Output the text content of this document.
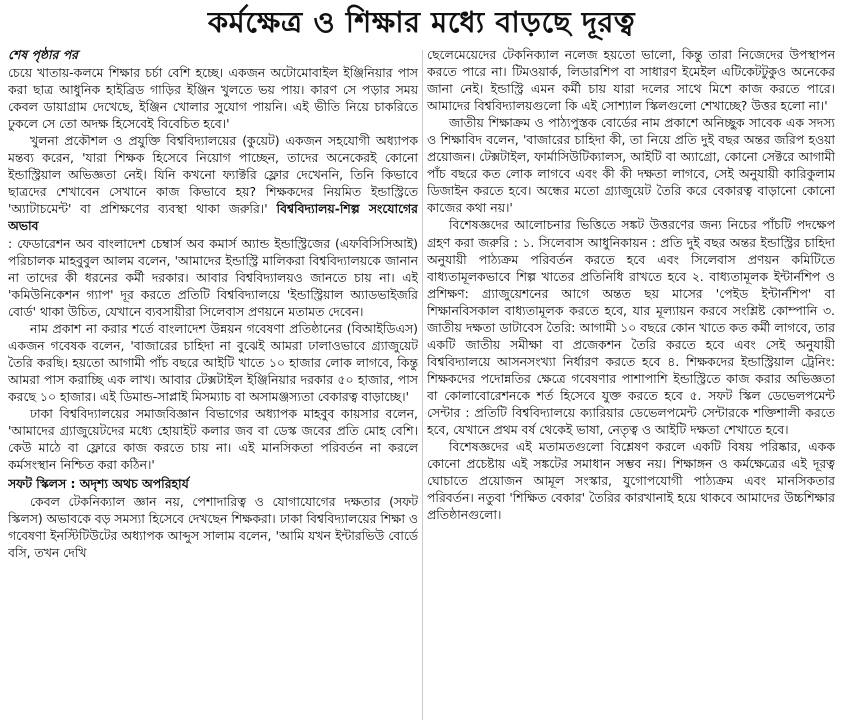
কর্মক্ষেত্র ও শিক্ষার মধ্যে বাড়ছে দূরত্ব
শেষ পৃষ্ঠার পর

চেয়ে খাতায়-কলমে শিক্ষার চর্চা বেশি হচ্ছে। একজন অটোমোবাইল ইঞ্জিনিয়ার পাস করা ছাত্র আধুনিক হাইব্রিড গাড়ির ইঞ্জিন খুলতে ভয় পায়। কারণ সে পড়ার সময় কেবল ডায়াগ্রাম দেখেছে, ইঞ্জিন খোলার সুযোগ পায়নি। এই ভীতি নিয়ে চাকরিতে ঢুকলে সে তো অদক্ষ হিসেবেই বিবেচিত হবে।'

খুলনা প্রকৌশল ও প্রযুক্তি বিশ্ববিদ্যালয়ের (কুয়েট) একজন সহযোগী অধ্যাপক মন্তব্য করেন, 'যারা শিক্ষক হিসেবে নিয়োগ পাচ্ছেন, তাদের অনেকেরই কোনো ইন্ডাস্ট্রিয়াল অভিজ্ঞতা নেই। যিনি কখনো ফ্যাক্টরি ফ্লোর দেখেননি, তিনি কিভাবে ছাত্রদের শেখাবেন সেখানে কাজ কিভাবে হয়? শিক্ষকদের নিয়মিত ইন্ডাস্ট্রিতে 'অ্যাটাচমেন্ট' বা প্রশিক্ষণের ব্যবস্থা থাকা জরুরি।' বিশ্ববিদ্যালয়-শিল্প সংযোগের অভাব

: ফেডারেশন অব বাংলাদেশ চেম্বার্স অব কমার্স অ্যান্ড ইন্ডাস্ট্রিজের (এফবিসিসিআই) পরিচালক মাহবুবুল আলম বলেন, 'আমাদের ইন্ডাস্ট্রি মালিকরা বিশ্ববিদ্যালয়কে জানান না তাদের কী ধরনের কর্মী দরকার। আবার বিশ্ববিদ্যালয়ও জানতে চায় না। এই 'কমিউনিকেশন গ্যাপ' দূর করতে প্রতিটি বিশ্ববিদ্যালয়ে 'ইন্ডাস্ট্রিয়াল অ্যাডভাইজরি বোর্ড' থাকা উচিত, যেখানে ব্যবসায়ীরা সিলেবাস প্রণয়নে মতামত দেবেন।

নাম প্রকাশ না করার শর্তে বাংলাদেশ উন্নয়ন গবেষণা প্রতিষ্ঠানের (বিআইডিএস) একজন গবেষক বলেন, 'বাজারের চাহিদা না বুঝেই আমরা ঢালাওভাবে গ্র্যাজুয়েট তৈরি করছি। হয়তো আগামী পাঁচ বছরে আইটি খাতে ১০ হাজার লোক লাগবে, কিন্তু আমরা পাস করাচ্ছি এক লাখ। আবার টেক্সটাইল ইঞ্জিনিয়ার দরকার ৫০ হাজার, পাস করছে ১০ হাজার। এই ডিমান্ড-সাপ্লাই মিসম্যাচ বা অসামঞ্জস্যতা বেকারত্ব বাড়াচ্ছে।'

ঢাকা বিশ্ববিদ্যালয়ের সমাজবিজ্ঞান বিভাগের অধ্যাপক মাহবুব কায়সার বলেন, 'আমাদের গ্র্যাজুয়েটদের মধ্যে হোয়াইট কলার জব বা ডেস্ক জবের প্রতি মোহ বেশি। কেউ মাঠে বা ফ্লোরে কাজ করতে চায় না। এই মানসিকতা পরিবর্তন না করলে কর্মসংস্থান নিশ্চিত করা কঠিন।'

সফট স্কিলস : অদৃশ্য অথচ অপরিহার্য

কেবল টেকনিক্যাল জ্ঞান নয়, পেশাদারিত্ব ও যোগাযোগের দক্ষতার (সফট স্কিলস) অভাবকে বড় সমস্যা হিসেবে দেখছেন শিক্ষকরা। ঢাকা বিশ্ববিদ্যালয়ের শিক্ষা ও গবেষণা ইনস্টিটিউটের অধ্যাপক আব্দুস সালাম বলেন, 'আমি যখন ইন্টারভিউ বোর্ডে বসি, তখন দেখি

ছেলেমেয়েদের টেকনিক্যাল নলেজ হয়তো ভালো, কিন্তু তারা নিজেদের উপস্থাপন করতে পারে না। টিমওয়ার্ক, লিডারশিপ বা সাধারণ ইমেইল এটিকেটটুকুও অনেকের জানা নেই। ইন্ডাস্ট্রি এমন কর্মী চায় যারা দলের সাথে মিশে কাজ করতে পারে। আমাদের বিশ্ববিদ্যালয়গুলো কি এই সোশ্যাল স্কিলগুলো শেখাচ্ছে? উত্তর হলো না।'

জাতীয় শিক্ষাক্রম ও পাঠ্যপুস্তক বোর্ডের নাম প্রকাশে অনিচ্ছুক সাবেক এক সদস্য ও শিক্ষাবিদ বলেন, 'বাজারের চাহিদা কী, তা নিয়ে প্রতি দুই বছর অন্তর জরিপ হওয়া প্রয়োজন। টেক্সটাইল, ফার্মাসিউটিক্যালস, আইটি বা অ্যাগ্রো, কোনো সেক্টরে আগামী পাঁচ বছরে কত লোক লাগবে এবং কী কী দক্ষতা লাগবে, সেই অনুযায়ী কারিকুলাম ডিজাইন করতে হবে। অন্ধের মতো গ্র্যাজুয়েট তৈরি করে বেকারত্ব বাড়ানো কোনো কাজের কথা নয়।'

বিশেষজ্ঞদের আলোচনার ভিত্তিতে সঙ্কট উত্তরণের জন্য নিচের পাঁচটি পদক্ষেপ গ্রহণ করা জরুরি : ১. সিলেবাস আধুনিকায়ন : প্রতি দুই বছর অন্তর ইন্ডাস্ট্রির চাহিদা অনুযায়ী পাঠ্যক্রম পরিবর্তন করতে হবে এবং সিলেবাস প্রণয়ন কমিটিতে বাধ্যতামূলকভাবে শিল্প খাতের প্রতিনিধি রাখতে হবে ২. বাধ্যতামূলক ইন্টার্নশিপ ও প্রশিক্ষণ: গ্র্যাজুয়েশনের আগে অন্তত ছয় মাসের 'পেইড ইন্টার্নশিপ' বা শিক্ষানবিসকাল বাধ্যতামূলক করতে হবে, যার মূল্যায়ন করবে সংশ্লিষ্ট কোম্পানি ৩. জাতীয় দক্ষতা ডাটাবেস তৈরি: আগামী ১০ বছরে কোন খাতে কত কর্মী লাগবে, তার একটি জাতীয় সমীক্ষা বা প্রজেকশন তৈরি করতে হবে এবং সেই অনুযায়ী বিশ্ববিদ্যালয়ে আসনসংখ্যা নির্ধারণ করতে হবে ৪. শিক্ষকদের ইন্ডাস্ট্রিয়াল ট্রেনিং: শিক্ষকদের পদোন্নতির ক্ষেত্রে গবেষণার পাশাপাশি ইন্ডাস্ট্রিতে কাজ করার অভিজ্ঞতা বা কোলাবোরেশনকে শর্ত হিসেবে যুক্ত করতে হবে ৫. সফট স্কিল ডেভেলপমেন্ট সেন্টার : প্রতিটি বিশ্ববিদ্যালয়ে ক্যারিয়ার ডেভেলপমেন্ট সেন্টারকে শক্তিশালী করতে হবে, যেখানে প্রথম বর্ষ থেকেই ভাষা, নেতৃত্ব ও আইটি দক্ষতা শেখাতে হবে।

বিশেষজ্ঞদের এই মতামতগুলো বিশ্লেষণ করলে একটি বিষয় পরিষ্কার, একক কোনো প্রচেষ্টায় এই সঙ্কটের সমাধান সম্ভব নয়। শিক্ষাঙ্গন ও কর্মক্ষেত্রের এই দূরত্ব ঘোচাতে প্রয়োজন আমূল সংস্কার, যুগোপযোগী পাঠ্যক্রম এবং মানসিকতার পরিবর্তন। নতুবা 'শিক্ষিত বেকার' তৈরির কারখানাই হয়ে থাকবে আমাদের উচ্চশিক্ষার প্রতিষ্ঠানগুলো।
